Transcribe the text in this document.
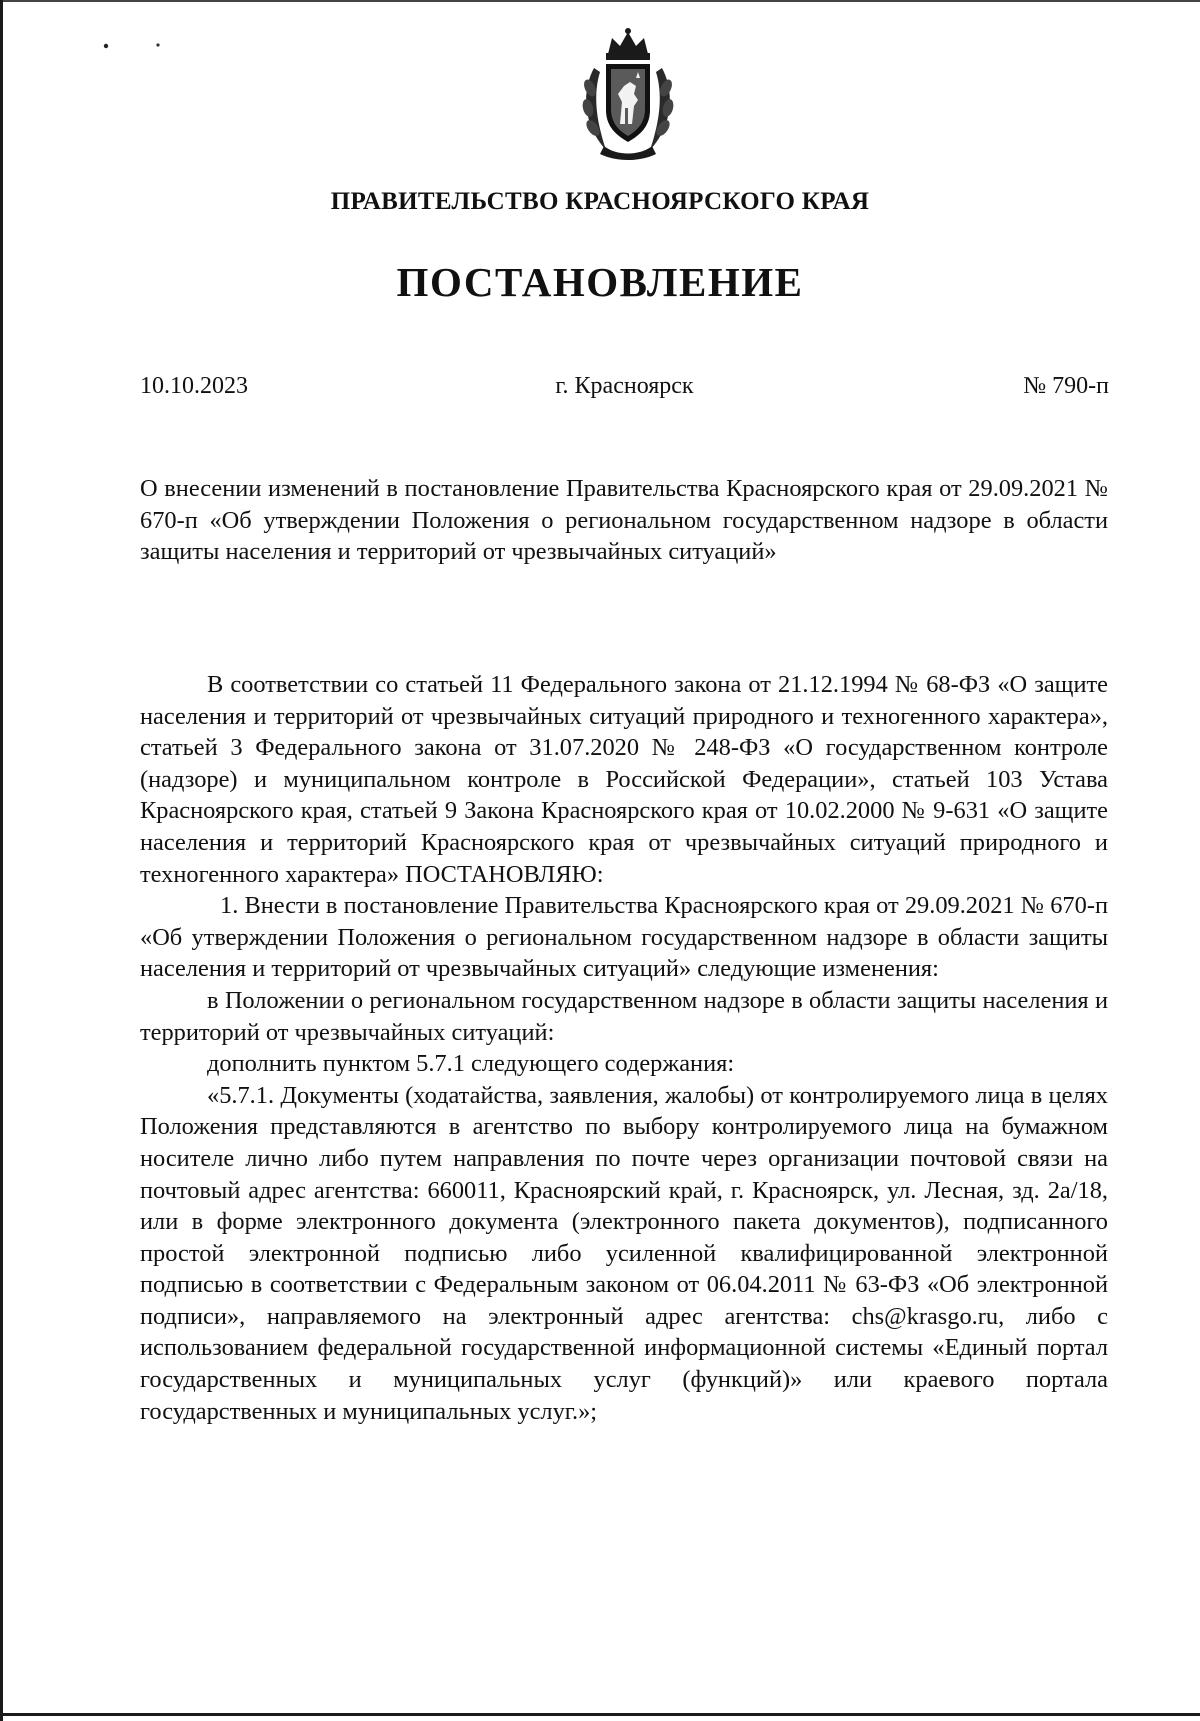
ПРАВИТЕЛЬСТВО КРАСНОЯРСКОГО КРАЯ
ПОСТАНОВЛЕНИЕ
г. Красноярск
10.10.2023	№ 790-п

О внесении изменений в постановление Правительства Красноярского края от 29.09.2021 № 670-п «Об утверждении Положения о региональном государственном надзоре в области защиты населения и территорий от чрезвычайных ситуаций»

В соответствии со статьей 11 Федерального закона от 21.12.1994 № 68-ФЗ «О защите населения и территорий от чрезвычайных ситуаций природного и техногенного характера», статьей 3 Федерального закона от 31.07.2020 № 248-ФЗ «О государственном контроле (надзоре) и муниципальном контроле в Российской Федерации», статьей 103 Устава Красноярского края, статьей 9 Закона Красноярского края от 10.02.2000 № 9-631 «О защите населения и территорий Красноярского края от чрезвычайных ситуаций природного и техногенного характера» ПОСТАНОВЛЯЮ:

1. Внести в постановление Правительства Красноярского края от 29.09.2021 № 670-п «Об утверждении Положения о региональном государственном надзоре в области защиты населения и территорий от чрезвычайных ситуаций» следующие изменения:

в Положении о региональном государственном надзоре в области защиты населения и территорий от чрезвычайных ситуаций:

дополнить пунктом 5.7.1 следующего содержания:

«5.7.1. Документы (ходатайства, заявления, жалобы) от контролируемого лица в целях Положения представляются в агентство по выбору контролируемого лица на бумажном носителе лично либо путем направления по почте через организации почтовой связи на почтовый адрес агентства: 660011, Красноярский край, г. Красноярск, ул. Лесная, зд. 2а/18, или в форме электронного документа (электронного пакета документов), подписанного простой электронной подписью либо усиленной квалифицированной электронной подписью в соответствии с Федеральным законом от 06.04.2011 № 63-ФЗ «Об электронной подписи», направляемого на электронный адрес агентства: chs@krasgo.ru, либо с использованием федеральной государственной информационной системы «Единый портал государственных и муниципальных услуг (функций)» или краевого портала государственных и муниципальных услуг.»;
